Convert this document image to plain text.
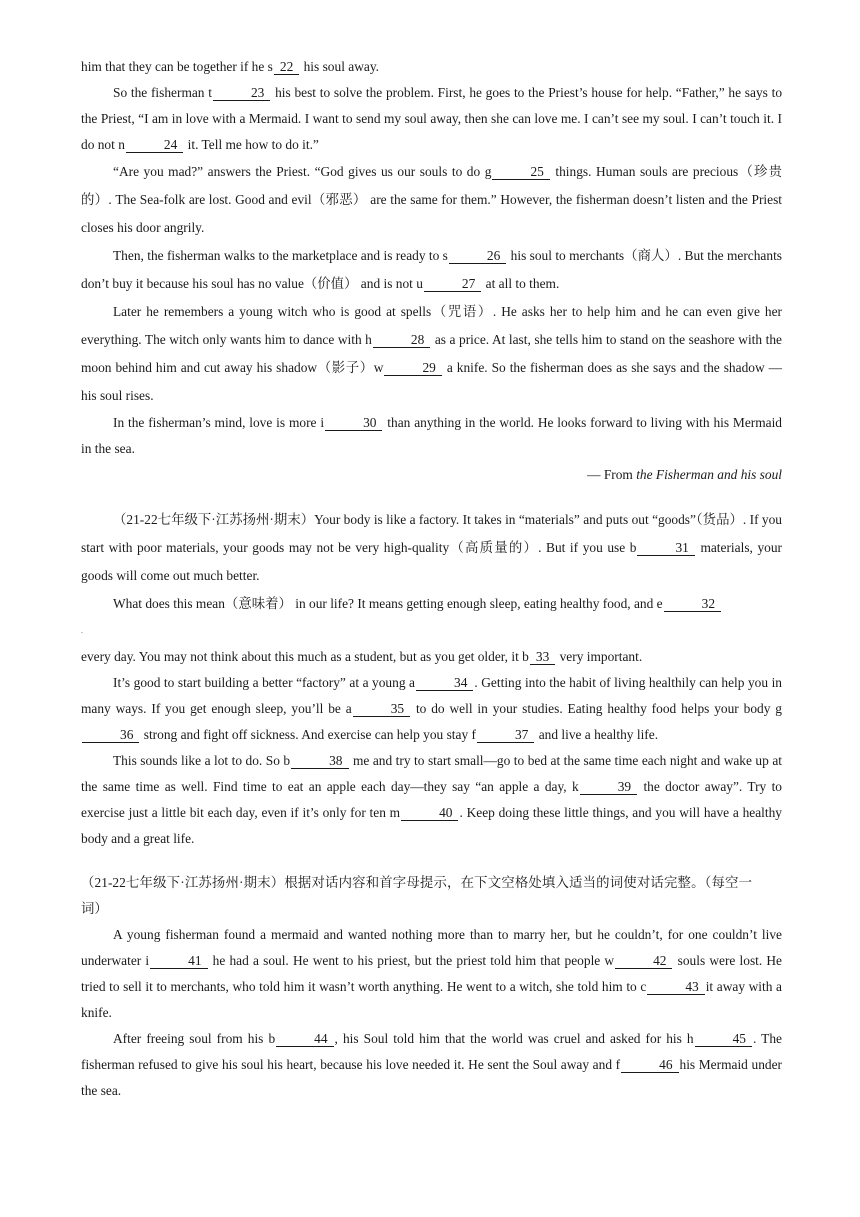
him that they can be together if he s 22 his soul away.

So the fisherman t	23 his best to solve the problem. First, he goes to the Priest’s house for help. “Father,” he says to the Priest, “I am in love with a Mermaid. I want to send my soul away, then she can love me. I can’t see my soul. I can’t touch it. I do not n	24 it. Tell me how to do it.”

“Are you mad?” answers the Priest. “God gives us our souls to do g	25 things. Human souls are precious（珍贵的）. The Sea-folk are lost. Good and evil（邪恶） are the same for them.” However, the fisherman doesn’t listen and the Priest closes his door angrily.

Then, the fisherman walks to the marketplace and is ready to s	26 his soul to merchants（商人）. But the merchants don’t buy it because his soul has no value（价值） and is not u	27 at all to them.

Later he remembers a young witch who is good at spells（咒语）. He asks her to help him and he can even give her everything. The witch only wants him to dance with h	28 as a price. At last, she tells him to stand on the seashore with the moon behind him and cut away his shadow（影子）w	29 a knife. So the fisherman does as she says and the shadow — his soul rises.

In the fisherman’s mind, love is more i	30 than anything in the world. He looks forward to living with his Mermaid in the sea.

— From the Fisherman and his soul

（21-22七年级下·江苏扬州·期末）Your body is like a factory. It takes in “materials” and puts out “goods”（货品）. If you start with poor materials, your goods may not be very high-quality（高质量的）. But if you use b	31 materials, your goods will come out much better.

What does this mean（意味着） in our life? It means getting enough sleep, eating healthy food, and e	32

.

every day. You may not think about this much as a student, but as you get older, it b 33 very important.

It’s good to start building a better “factory” at a young a	34 . Getting into the habit of living healthily can help you in many ways. If you get enough sleep, you’ll be a	35 to do well in your studies. Eating healthy food helps your body g36 strong and fight off sickness. And exercise can help you stay f	37 and live a healthy life.

This sounds like a lot to do. So b	38 me and try to start small—go to bed at the same time each night and wake up at the same time as well. Find time to eat an apple each day—they say “an apple a day, k	39 the doctor away”. Try to exercise just a little bit each day, even if it’s only for ten m	40 . Keep doing these little things, and you will have a healthy body and a great life.

（21-22七年级下·江苏扬州·期末）根据对话内容和首字母提示，在下文空格处填入适当的词使对话完整。（每空一词）

A young fisherman found a mermaid and wanted nothing more than to marry her, but he couldn’t, for one couldn’t live underwater i	41 he had a soul. He went to his priest, but the priest told him that people w	42 souls were lost. He tried to sell it to merchants, who told him it wasn’t worth anything. He went to a witch, she told him to c	43 it away with a knife.

After freeing soul from his b	44 , his Soul told him that the world was cruel and asked for his h	45 . The fisherman refused to give his soul his heart, because his love needed it. He sent the Soul away and f	46 his Mermaid under the sea.
